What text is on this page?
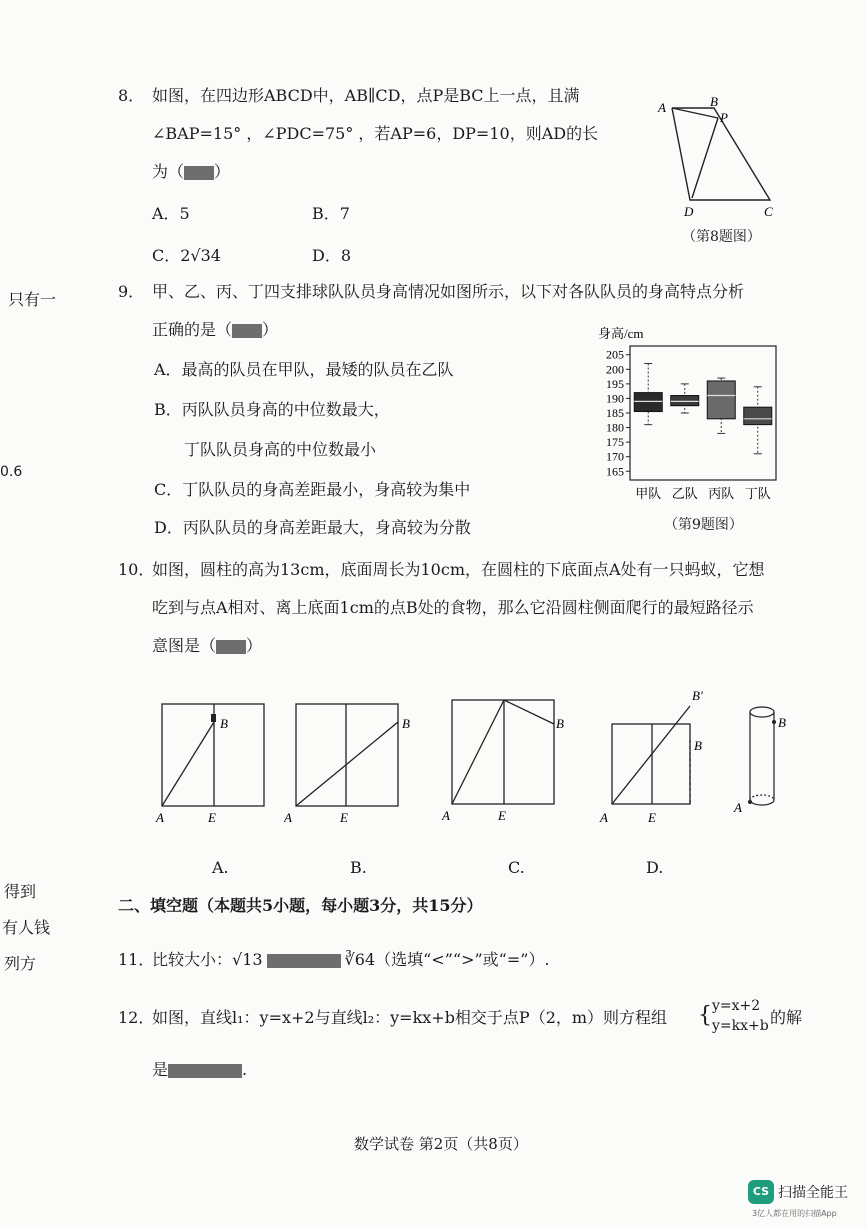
只有一
0.6
得到
有人钱
列方
8． 如图，在四边形ABCD中，AB∥CD，点P是BC上一点，且满
∠BAP=15° ，∠PDC=75° ，若AP=6，DP=10，则AD的长
为（ ）
A．5	B．7
C．2√34	D．8
A	B
P
D	C
（第8题图）
9． 甲、乙、丙、丁四支排球队队员身高情况如图所示，以下对各队队员的身高特点分析
正确的是（ ）
A．最高的队员在甲队，最矮的队员在乙队
B．丙队队员身高的中位数最大，
丁队队员身高的中位数最小
C．丁队队员的身高差距最小，身高较为集中
D．丙队队员的身高差距最大，身高较为分散
身高/cm
165
170
175
180
185
190
195
200
205
甲队 乙队 丙队 丁队
（第9题图）
10．
如图，圆柱的高为13cm，底面周长为10cm，在圆柱的下底面点A处有一只蚂蚁，它想
吃到与点A相对、离上底面1cm的点B处的食物，那么它沿圆柱侧面爬行的最短路径示
意图是（ ）
B
A	E
B
A	E
B
A	E
B′
B
A	E
B
A
A.	B.	C.	D.
二、填空题（本题共5小题，每小题3分，共15分）
11．
比较大小：√13	∛64（选填“<”“>”或“=”）.
12．
如图，直线l₁：y=x+2与直线l₂：y=kx+b相交于点P（2，m）则方程组 { y=x+2
y=kx+b 的解
是	.
数学试卷 第2页（共8页）
CS 扫描全能王
3亿人都在用的扫描App
